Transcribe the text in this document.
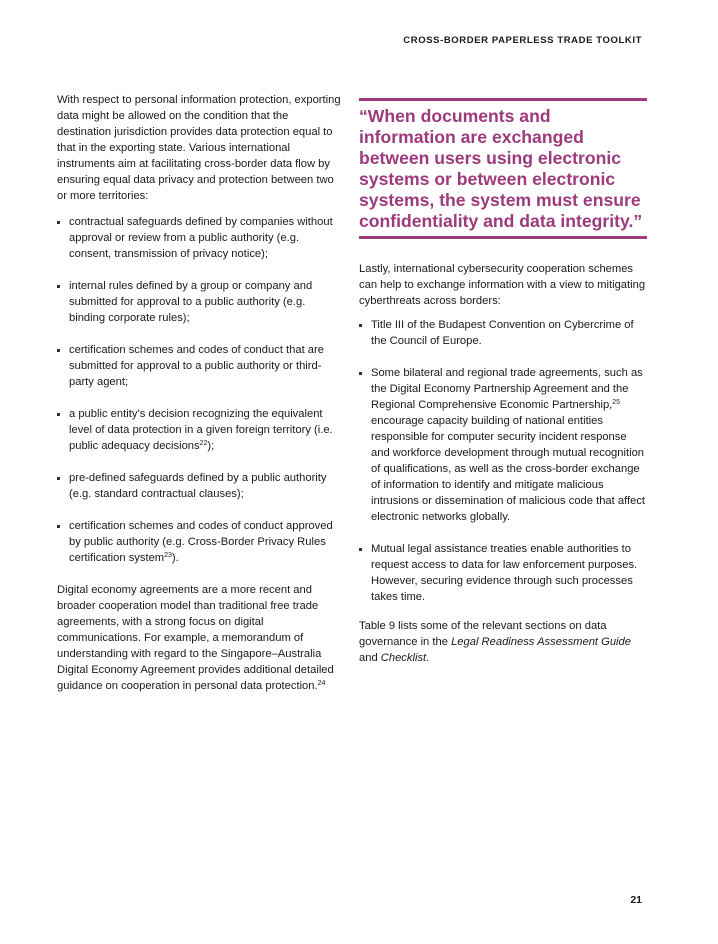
CROSS-BORDER PAPERLESS TRADE TOOLKIT

With respect to personal information protection, exporting data might be allowed on the condition that the destination jurisdiction provides data protection equal to that in the exporting state. Various international instruments aim at facilitating cross-border data flow by ensuring equal data privacy and protection between two or more territories:

contractual safeguards defined by companies without approval or review from a public authority (e.g. consent, transmission of privacy notice);
internal rules defined by a group or company and submitted for approval to a public authority (e.g. binding corporate rules);
certification schemes and codes of conduct that are submitted for approval to a public authority or third-party agent;
a public entity’s decision recognizing the equivalent level of data protection in a given foreign territory (i.e. public adequacy decisions$^{22}$);
pre-defined safeguards defined by a public authority (e.g. standard contractual clauses);
certification schemes and codes of conduct approved by public authority (e.g. Cross-Border Privacy Rules certification system$^{23}$).

Digital economy agreements are a more recent and broader cooperation model than traditional free trade agreements, with a strong focus on digital communications. For example, a memorandum of understanding with regard to the Singapore–Australia Digital Economy Agreement provides additional detailed guidance on cooperation in personal data protection.$^{24}$

“When documents and information are exchanged between users using electronic systems or between electronic systems, the system must ensure confidentiality and data integrity.”

Lastly, international cybersecurity cooperation schemes can help to exchange information with a view to mitigating cyberthreats across borders:

Title III of the Budapest Convention on Cybercrime of the Council of Europe.
Some bilateral and regional trade agreements, such as the Digital Economy Partnership Agreement and the Regional Comprehensive Economic Partnership,$^{25}$ encourage capacity building of national entities responsible for computer security incident response and workforce development through mutual recognition of qualifications, as well as the cross-border exchange of information to identify and mitigate malicious intrusions or dissemination of malicious code that affect electronic networks globally.
Mutual legal assistance treaties enable authorities to request access to data for law enforcement purposes. However, securing evidence through such processes takes time.

Table 9 lists some of the relevant sections on data governance in the Legal Readiness Assessment Guide and Checklist.

21
